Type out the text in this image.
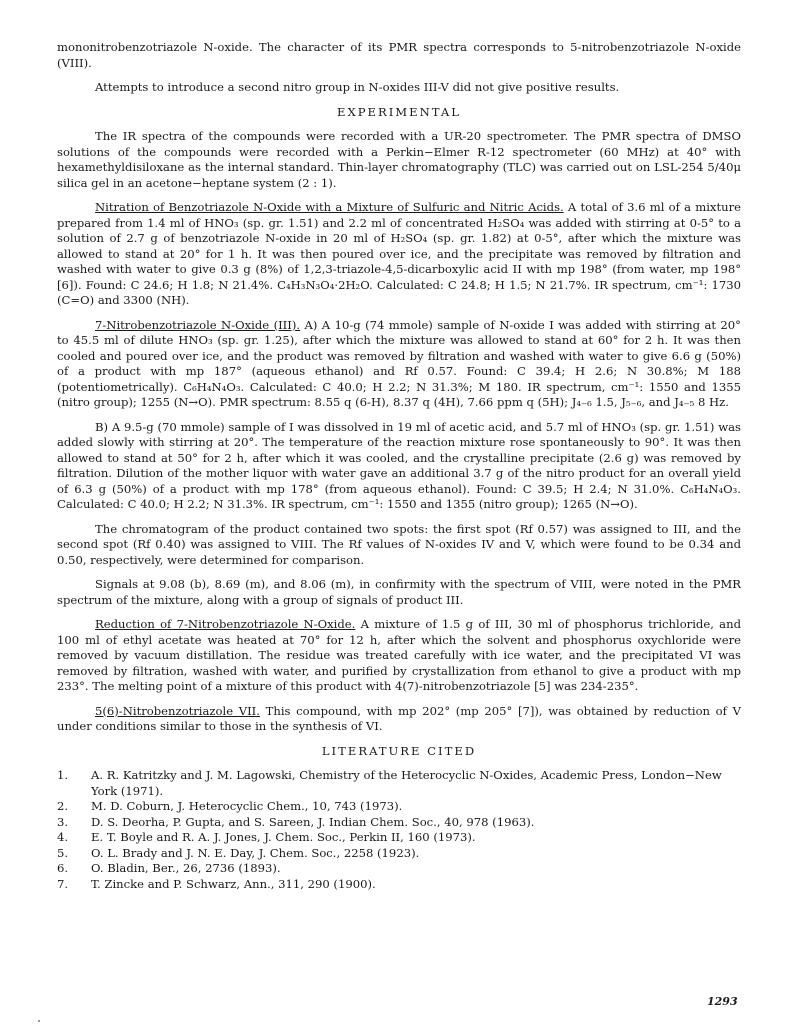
mononitrobenzotriazole N-oxide. The character of its PMR spectra corresponds to 5-nitrobenzotriazole N-oxide (VIII).

Attempts to introduce a second nitro group in N-oxides III-V did not give positive results.

EXPERIMENTAL

The IR spectra of the compounds were recorded with a UR-20 spectrometer. The PMR spectra of DMSO solutions of the compounds were recorded with a Perkin−Elmer R-12 spectrometer (60 MHz) at 40° with hexamethyldisiloxane as the internal standard. Thin-layer chromatography (TLC) was carried out on LSL-254 5/40μ silica gel in an acetone−heptane system (2 : 1).

Nitration of Benzotriazole N-Oxide with a Mixture of Sulfuric and Nitric Acids. A total of 3.6 ml of a mixture prepared from 1.4 ml of HNO₃ (sp. gr. 1.51) and 2.2 ml of concentrated H₂SO₄ was added with stirring at 0-5° to a solution of 2.7 g of benzotriazole N-oxide in 20 ml of H₂SO₄ (sp. gr. 1.82) at 0-5°, after which the mixture was allowed to stand at 20° for 1 h. It was then poured over ice, and the precipitate was removed by filtration and washed with water to give 0.3 g (8%) of 1,2,3-triazole-4,5-dicarboxylic acid II with mp 198° (from water, mp 198° [6]). Found: C 24.6; H 1.8; N 21.4%. C₄H₃N₃O₄·2H₂O. Calculated: C 24.8; H 1.5; N 21.7%. IR spectrum, cm⁻¹: 1730 (C=O) and 3300 (NH).

7-Nitrobenzotriazole N-Oxide (III). A) A 10-g (74 mmole) sample of N-oxide I was added with stirring at 20° to 45.5 ml of dilute HNO₃ (sp. gr. 1.25), after which the mixture was allowed to stand at 60° for 2 h. It was then cooled and poured over ice, and the product was removed by filtration and washed with water to give 6.6 g (50%) of a product with mp 187° (aqueous ethanol) and Rf 0.57. Found: C 39.4; H 2.6; N 30.8%; M 188 (potentiometrically). C₆H₄N₄O₃. Calculated: C 40.0; H 2.2; N 31.3%; M 180. IR spectrum, cm⁻¹: 1550 and 1355 (nitro group); 1255 (N→O). PMR spectrum: 8.55 q (6-H), 8.37 q (4H), 7.66 ppm q (5H); J₄₋₆ 1.5, J₅₋₆, and J₄₋₅ 8 Hz.

B) A 9.5-g (70 mmole) sample of I was dissolved in 19 ml of acetic acid, and 5.7 ml of HNO₃ (sp. gr. 1.51) was added slowly with stirring at 20°. The temperature of the reaction mixture rose spontaneously to 90°. It was then allowed to stand at 50° for 2 h, after which it was cooled, and the crystalline precipitate (2.6 g) was removed by filtration. Dilution of the mother liquor with water gave an additional 3.7 g of the nitro product for an overall yield of 6.3 g (50%) of a product with mp 178° (from aqueous ethanol). Found: C 39.5; H 2.4; N 31.0%. C₆H₄N₄O₃. Calculated: C 40.0; H 2.2; N 31.3%. IR spectrum, cm⁻¹: 1550 and 1355 (nitro group); 1265 (N→O).

The chromatogram of the product contained two spots: the first spot (Rf 0.57) was assigned to III, and the second spot (Rf 0.40) was assigned to VIII. The Rf values of N-oxides IV and V, which were found to be 0.34 and 0.50, respectively, were determined for comparison.

Signals at 9.08 (b), 8.69 (m), and 8.06 (m), in confirmity with the spectrum of VIII, were noted in the PMR spectrum of the mixture, along with a group of signals of product III.

Reduction of 7-Nitrobenzotriazole N-Oxide. A mixture of 1.5 g of III, 30 ml of phosphorus trichloride, and 100 ml of ethyl acetate was heated at 70° for 12 h, after which the solvent and phosphorus oxychloride were removed by vacuum distillation. The residue was treated carefully with ice water, and the precipitated VI was removed by filtration, washed with water, and purified by crystallization from ethanol to give a product with mp 233°. The melting point of a mixture of this product with 4(7)-nitrobenzotriazole [5] was 234-235°.

5(6)-Nitrobenzotriazole VII. This compound, with mp 202° (mp 205° [7]), was obtained by reduction of V under conditions similar to those in the synthesis of VI.

LITERATURE CITED
1.	A. R. Katritzky and J. M. Lagowski, Chemistry of the Heterocyclic N-Oxides, Academic Press, London−New York (1971).
2.	M. D. Coburn, J. Heterocyclic Chem., 10, 743 (1973).
3.	D. S. Deorha, P. Gupta, and S. Sareen, J. Indian Chem. Soc., 40, 978 (1963).
4.	E. T. Boyle and R. A. J. Jones, J. Chem. Soc., Perkin II, 160 (1973).
5.	O. L. Brady and J. N. E. Day, J. Chem. Soc., 2258 (1923).
6.	O. Bladin, Ber., 26, 2736 (1893).
7.	T. Zincke and P. Schwarz, Ann., 311, 290 (1900).
1293
